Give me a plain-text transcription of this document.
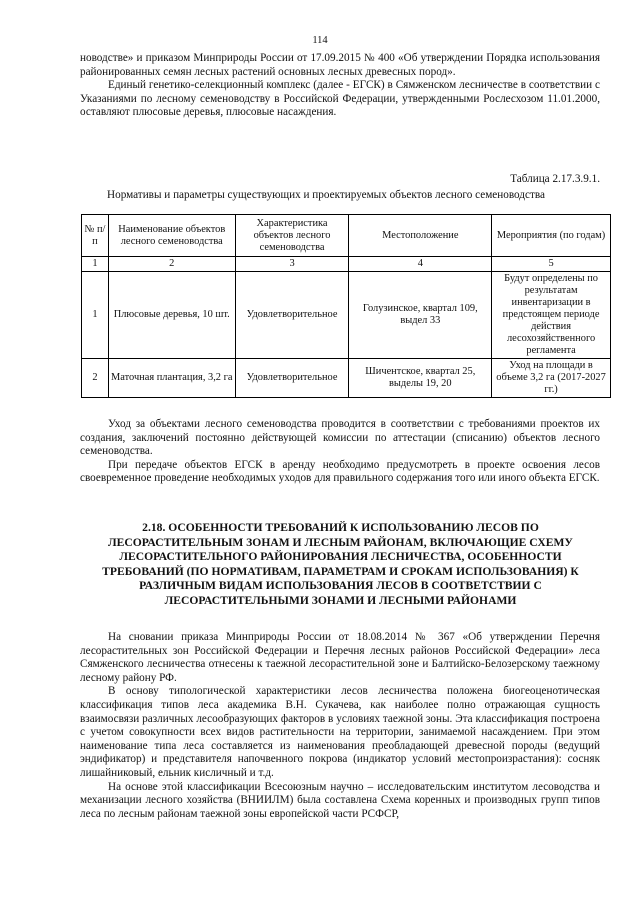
114

новодстве» и приказом Минприроды России от 17.09.2015 № 400 «Об утверждении Порядка использования районированных семян лесных растений основных лесных древесных пород».

Единый генетико-селекционный комплекс (далее - ЕГСК) в Сямженском лесничестве в соответствии с Указаниями по лесному семеноводству в Российской Федерации, утвержденными Рослесхозом 11.01.2000, оставляют плюсовые деревья, плюсовые насаждения.

Таблица 2.17.3.9.1.
Нормативы и параметры существующих и проектируемых объектов лесного семеноводства
№ п/п	Наименование объектов лесного семеноводства	Характеристика объектов лесного семеноводства	Местоположение	Мероприятия (по годам)
1	2	3	4	5
1	Плюсовые деревья, 10 шт.	Удовлетворительное	Голузинское, квартал 109, выдел 33	Будут определены по результатам инвентаризации в предстоящем периоде действия лесохозяйственного регламента
2	Маточная плантация, 3,2 га	Удовлетворительное	Шичентское, квартал 25, выделы 19, 20	Уход на площади в объеме 3,2 га (2017-2027 гг.)

Уход за объектами лесного семеноводства проводится в соответствии с требованиями проектов их создания, заключений постоянно действующей комиссии по аттестации (списанию) объектов лесного семеноводства.

При передаче объектов ЕГСК в аренду необходимо предусмотреть в проекте освоения лесов своевременное проведение необходимых уходов для правильного содержания того или иного объекта ЕГСК.

2.18. ОСОБЕННОСТИ ТРЕБОВАНИЙ К ИСПОЛЬЗОВАНИЮ ЛЕСОВ ПО ЛЕСОРАСТИТЕЛЬНЫМ ЗОНАМ И ЛЕСНЫМ РАЙОНАМ, ВКЛЮЧАЮЩИЕ СХЕМУ ЛЕСОРАСТИТЕЛЬНОГО РАЙОНИРОВАНИЯ ЛЕСНИЧЕСТВА, ОСОБЕННОСТИ ТРЕБОВАНИЙ (ПО НОРМАТИВАМ, ПАРАМЕТРАМ И СРОКАМ ИСПОЛЬЗОВАНИЯ) К РАЗЛИЧНЫМ ВИДАМ ИСПОЛЬЗОВАНИЯ ЛЕСОВ В СООТВЕТСТВИИ С ЛЕСОРАСТИТЕЛЬНЫМИ ЗОНАМИ И ЛЕСНЫМИ РАЙОНАМИ

На сновании приказа Минприроды России от 18.08.2014 № 367 «Об утверждении Перечня лесорастительных зон Российской Федерации и Перечня лесных районов Российской Федерации» леса Сямженского лесничества отнесены к таежной лесорастительной зоне и Балтийско-Белозерскому таежному лесному району РФ.

В основу типологической характеристики лесов лесничества положена биогеоценотическая классификация типов леса академика В.Н. Сукачева, как наиболее полно отражающая сущность взаимосвязи различных лесообразующих факторов в условиях таежной зоны. Эта классификация построена с учетом совокупности всех видов растительности на территории, занимаемой насаждением. При этом наименование типа леса составляется из наименования преобладающей древесной породы (ведущий эндификатор) и представителя напочвенного покрова (индикатор условий местопроизрастания): сосняк лишайниковый, ельник кисличный и т.д.

На основе этой классификации Всесоюзным научно – исследовательским институтом лесоводства и механизации лесного хозяйства (ВНИИЛМ) была составлена Схема коренных и производных групп типов леса по лесным районам таежной зоны европейской части РСФСР,
